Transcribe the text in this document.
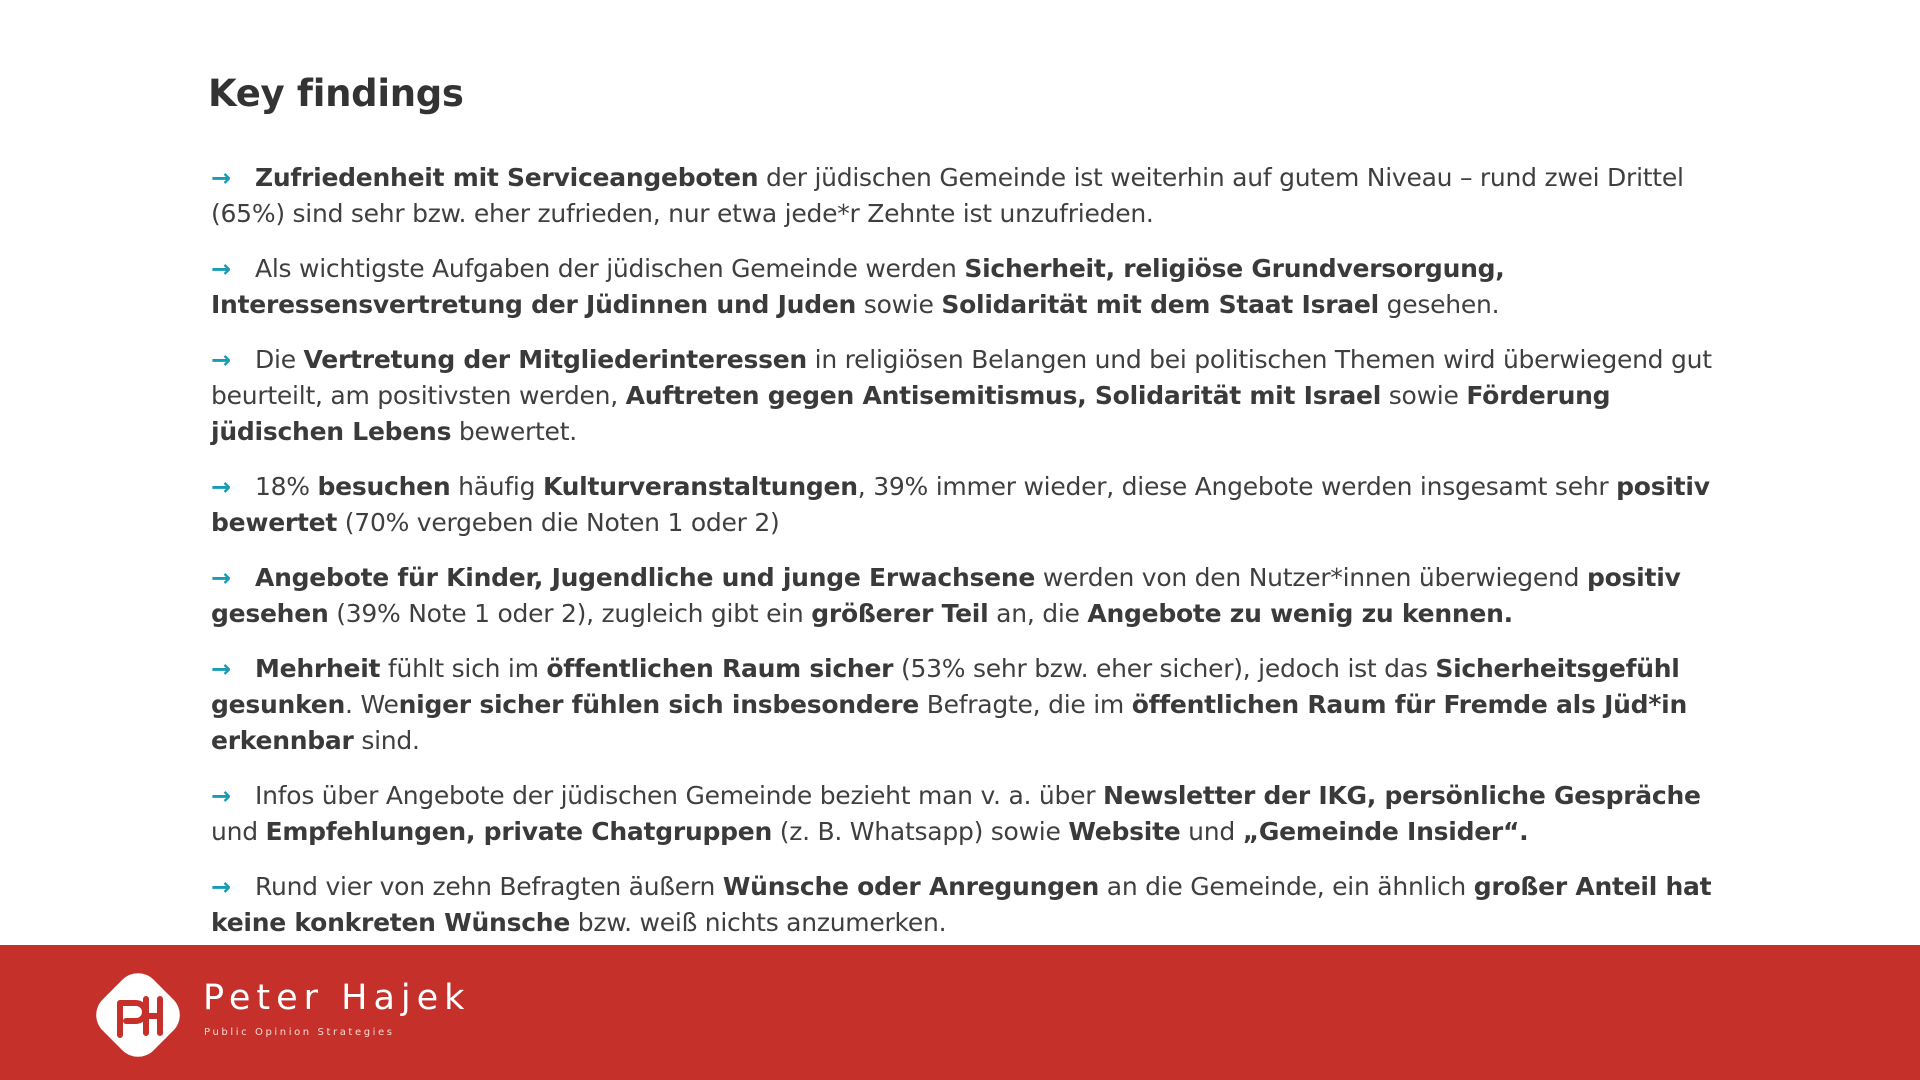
Key findings
→ Zufriedenheit mit Serviceangeboten der jüdischen Gemeinde ist weiterhin auf gutem Niveau – rund zwei Drittel (65%) sind sehr bzw. eher zufrieden, nur etwa jede*r Zehnte ist unzufrieden.
→ Als wichtigste Aufgaben der jüdischen Gemeinde werden Sicherheit, religiöse Grundversorgung, Interessensvertretung der Jüdinnen und Juden sowie Solidarität mit dem Staat Israel gesehen.
→ Die Vertretung der Mitgliederinteressen in religiösen Belangen und bei politischen Themen wird überwiegend gut beurteilt, am positivsten werden, Auftreten gegen Antisemitismus, Solidarität mit Israel sowie Förderung jüdischen Lebens bewertet.
→ 18% besuchen häufig Kulturveranstaltungen, 39% immer wieder, diese Angebote werden insgesamt sehr positiv bewertet (70% vergeben die Noten 1 oder 2)
→ Angebote für Kinder, Jugendliche und junge Erwachsene werden von den Nutzer*innen überwiegend positiv gesehen (39% Note 1 oder 2), zugleich gibt ein größerer Teil an, die Angebote zu wenig zu kennen.
→ Mehrheit fühlt sich im öffentlichen Raum sicher (53% sehr bzw. eher sicher), jedoch ist das Sicherheitsgefühl gesunken. Weniger sicher fühlen sich insbesondere Befragte, die im öffentlichen Raum für Fremde als Jüd*in erkennbar sind.
→ Infos über Angebote der jüdischen Gemeinde bezieht man v. a. über Newsletter der IKG, persönliche Gespräche und Empfehlungen, private Chatgruppen (z. B. Whatsapp) sowie Website und „Gemeinde Insider“.
→ Rund vier von zehn Befragten äußern Wünsche oder Anregungen an die Gemeinde, ein ähnlich großer Anteil hat keine konkreten Wünsche bzw. weiß nichts anzumerken.

Peter Hajek

Public Opinion Strategies
